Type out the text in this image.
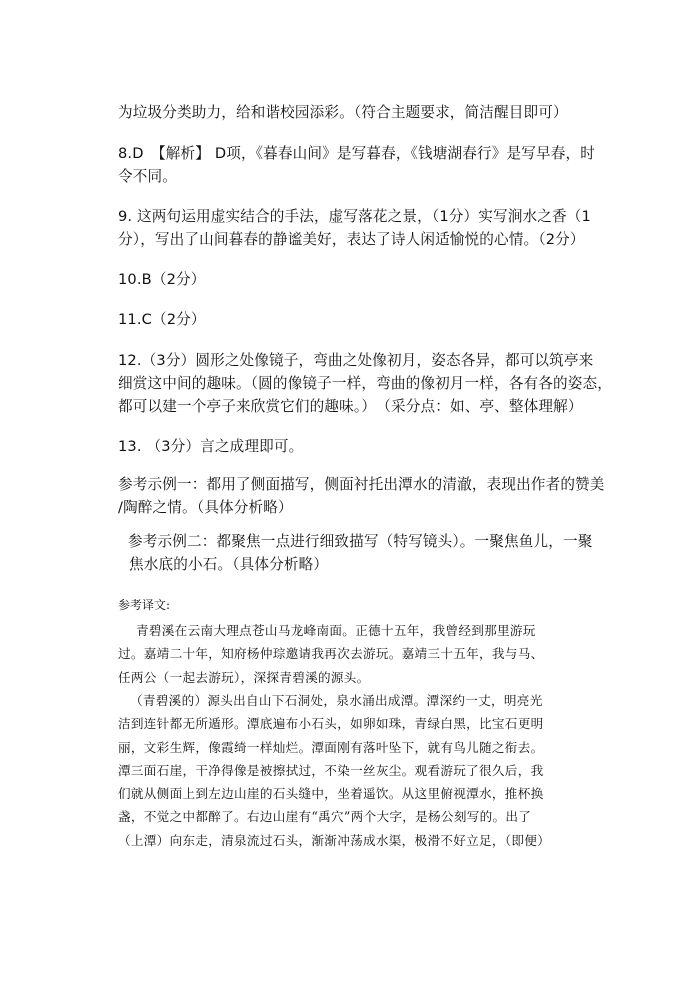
为垃圾分类助力，给和谐校园添彩。（符合主题要求，简洁醒目即可）
8.D　【解析】 D项，《暮春山间》是写暮春，《钱塘湖春行》是写早春，时
令不同。
9. 这两句运用虚实结合的手法，虚写落花之景，（1分）实写涧水之香（1
分），写出了山间暮春的静谧美好，表达了诗人闲适愉悦的心情。（2分）
10.B（2分）
11.C（2分）
12.（3分）圆形之处像镜子，弯曲之处像初月，姿态各异，都可以筑亭来
细赏这中间的趣味。（圆的像镜子一样，弯曲的像初月一样，各有各的姿态，
都可以建一个亭子来欣赏它们的趣味。）　（采分点：如、亭、整体理解）
13. （3分）言之成理即可。
参考示例一：都用了侧面描写，侧面衬托出潭水的清澈，表现出作者的赞美
/陶醉之情。（具体分析略）
参考示例二：都聚焦一点进行细致描写（特写镜头）。一聚焦鱼儿，一聚
焦水底的小石。（具体分析略）
参考译文:
青碧溪在云南大理点苍山马龙峰南面。正德十五年，我曾经到那里游玩
过。嘉靖二十年，知府杨仲琮邀请我再次去游玩。嘉靖三十五年，我与马、
任两公（一起去游玩），深探青碧溪的源头。
（青碧溪的）源头出自山下石洞处，泉水涌出成潭。潭深约一丈，明亮光
洁到连针都无所遁形。潭底遍布小石头，如卵如珠，青绿白黑，比宝石更明
丽，文彩生辉，像霞绮一样灿烂。潭面刚有落叶坠下，就有鸟儿随之衔去。
潭三面石崖，干净得像是被擦拭过，不染一丝灰尘。观看游玩了很久后，我
们就从侧面上到左边山崖的石头缝中，坐着遥饮。从这里俯视潭水，推杯换
盏，不觉之中都醉了。右边山崖有“禹穴”两个大字，是杨公刻写的。出了
（上潭）向东走，清泉流过石头，渐渐冲荡成水渠，极滑不好立足，（即便）
